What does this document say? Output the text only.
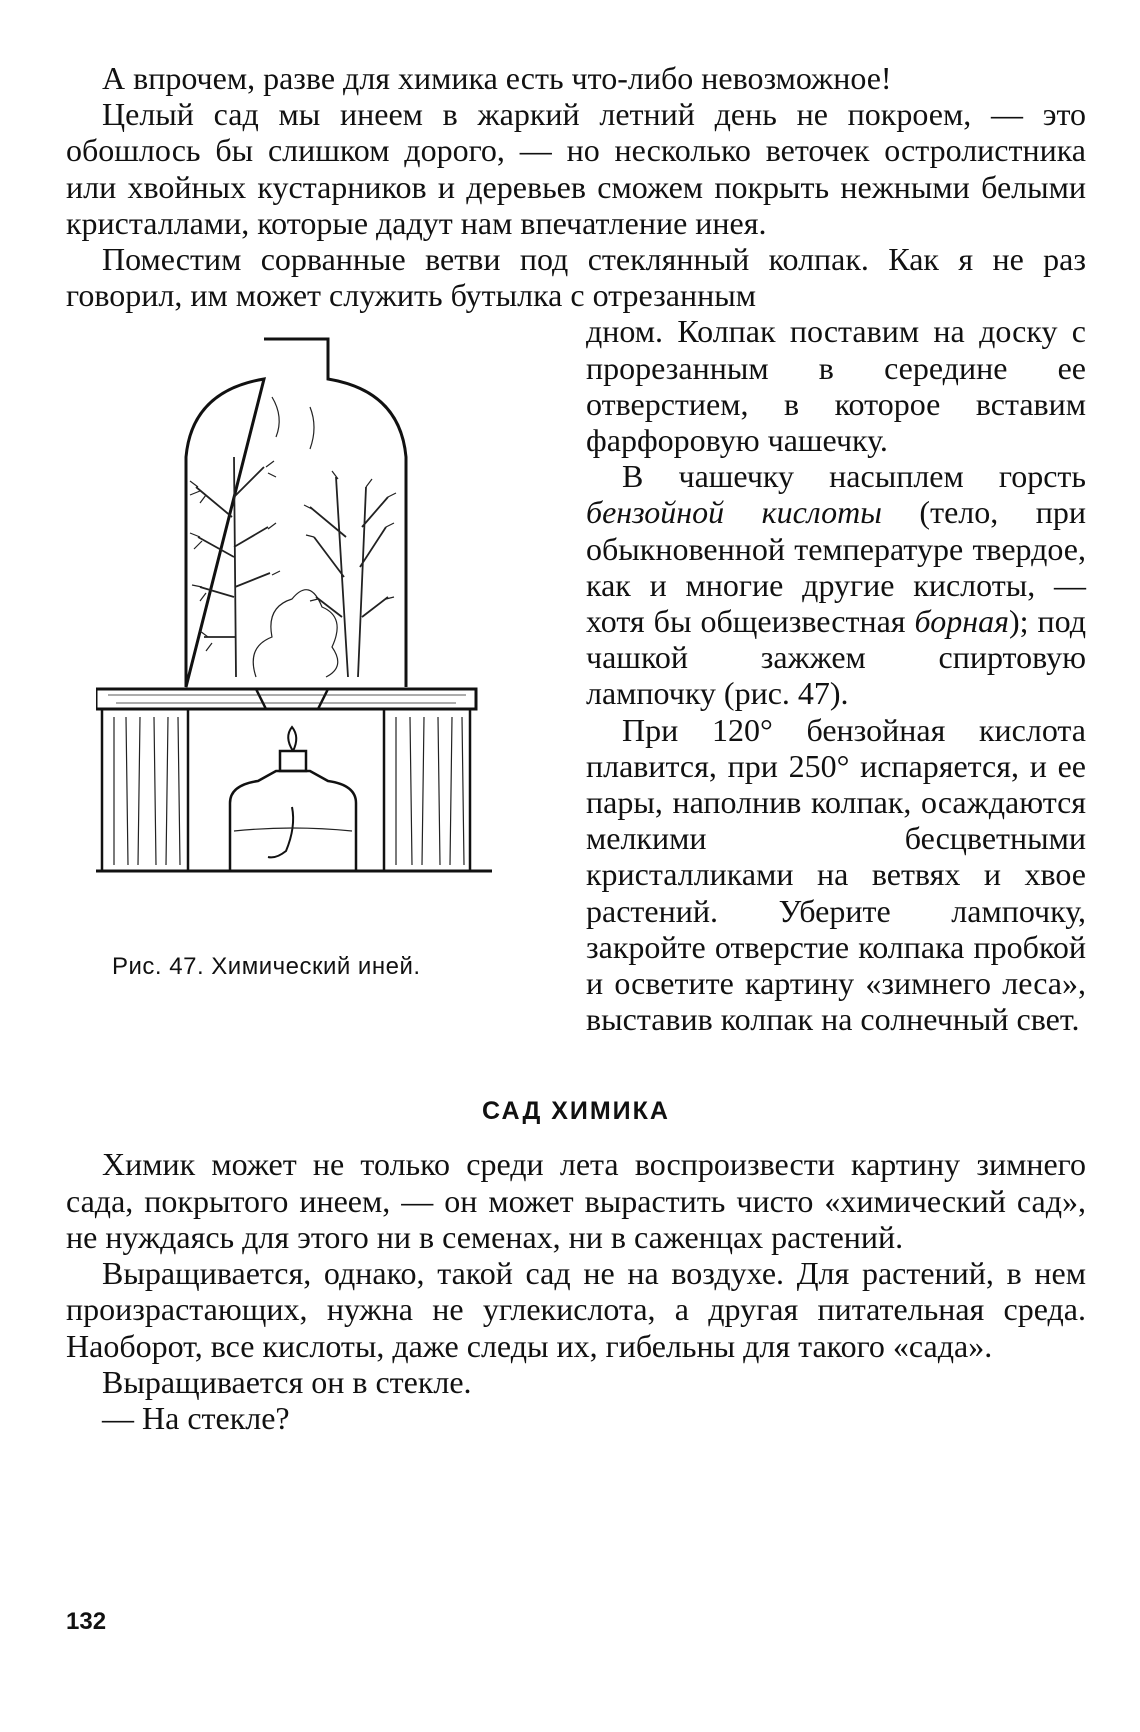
А впрочем, разве для химика есть что-либо невозможное!

Целый сад мы инеем в жаркий летний день не покроем, — это обошлось бы слишком дорого, — но несколько веточек остролистника или хвойных кустарников и деревьев сможем покрыть нежными белыми кристаллами, которые дадут нам впечатление инея.

Поместим сорванные ветви под стеклянный колпак. Как я не раз говорил, им может служить бутылка с отрезанным

Рис. 47. Химический иней.

дном. Колпак поставим на доску с прорезанным в середине ее отверстием, в которое вставим фарфоровую чашечку.

В чашечку насыплем горсть бензойной кислоты (тело, при обыкновенной температуре твердое, как и многие другие кислоты, — хотя бы общеизвестная борная); под чашкой зажжем спиртовую лампочку (рис. 47).

При 120° бензойная кислота плавится, при 250° испаряется, и ее пары, наполнив колпак, осаждаются мелкими бесцветными кристалликами на ветвях и хвое растений. Уберите лампочку, закройте отверстие колпака пробкой и осветите картину «зимнего леса», выставив колпак на солнечный свет.

САД ХИМИКА

Химик может не только среди лета воспроизвести картину зимнего сада, покрытого инеем, — он может вырастить чисто «химический сад», не нуждаясь для этого ни в семенах, ни в саженцах растений.

Выращивается, однако, такой сад не на воздухе. Для растений, в нем произрастающих, нужна не углекислота, а другая питательная среда. Наоборот, все кислоты, даже следы их, гибельны для такого «сада».

Выращивается он в стекле.

— На стекле?

132
